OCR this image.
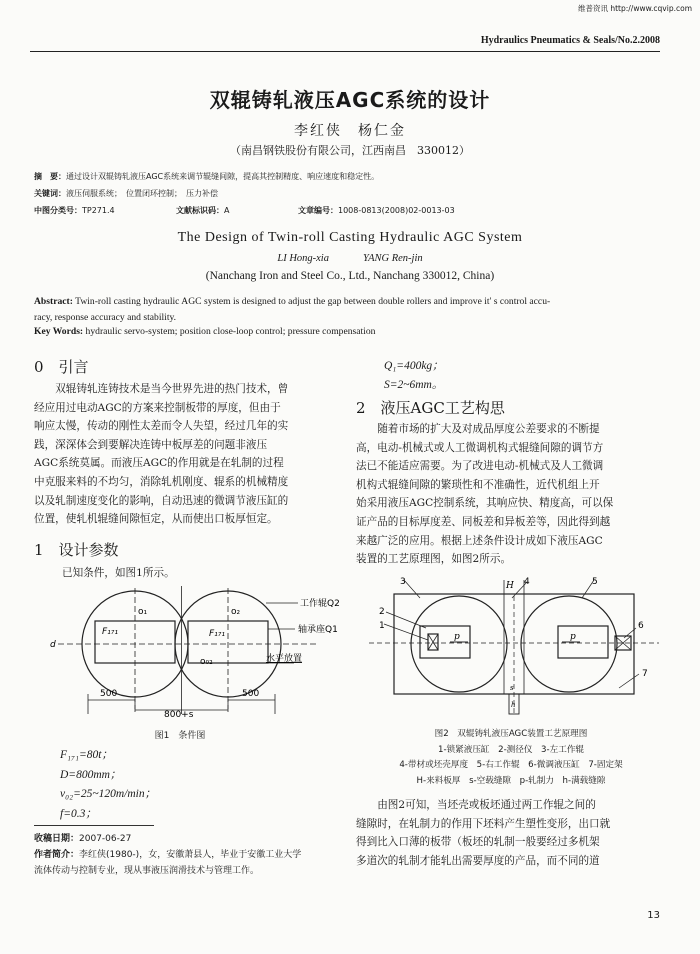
维普资讯 http://www.cqvip.com
Hydraulics Pneumatics & Seals/No.2.2008
双辊铸轧液压AGC系统的设计
李红侠　杨仁金
（南昌钢铁股份有限公司，江西南昌　330012）
摘　要：通过设计双辊铸轧液压AGC系统来调节辊缝间隙，提高其控制精度、响应速度和稳定性。
关键词：液压伺服系统；　位置闭环控制；　压力补偿
中图分类号：TP271.4	文献标识码：A	文章编号：1008-0813(2008)02-0013-03
The Design of Twin-roll Casting Hydraulic AGC System
LI Hong-xia	YANG Ren-jin
(Nanchang Iron and Steel Co., Ltd., Nanchang 330012, China)
Abstract: Twin-roll casting hydraulic AGC system is designed to adjust the gap between double rollers and improve it' s control accu-
racy, response accuracy and stability.
Key Words: hydraulic servo-system; position close-loop control; pressure compensation
0　引言
双辊铸轧连铸技术是当今世界先进的热门技术，曾
经应用过电动AGC的方案来控制板带的厚度，但由于
响应太慢，传动的刚性太差而令人失望，经过几年的实
践，深深体会到要解决连铸中板厚差的问题非液压
AGC系统莫属。而液压AGC的作用就是在轧制的过程
中克服来料的不均匀，消除轧机刚度、辊系的机械精度
以及轧制速度变化的影响，自动迅速的微调节液压缸的
位置，使轧机辊缝间隙恒定，从而使出口板厚恒定。
1　设计参数
已知条件，如图1所示。
F₁₇₁	F₁₇₁
o₁	o₂
o₀₂
d
工作辊Q2
轴承座Q1
水平放置
500	500
800+s
图1　条件图
F₁₇₁=80t；
D=800mm；
v₀₂=25~120m/min；
f=0.3；
收稿日期：2007-06-27
作者简介：李红侠(1980-)，女，安徽萧县人，毕业于安徽工业大学
流体传动与控制专业，现从事液压润滑技术与管理工作。
Q₁=400kg；
S=2~6mm。
2　液压AGC工艺构思
随着市场的扩大及对成品厚度公差要求的不断提
高，电动-机械式或人工微调机构式辊缝间隙的调节方
法已不能适应需要。为了改进电动-机械式及人工微调
机构式辊缝间隙的繁琐性和不准确性，近代机组上开
始采用液压AGC控制系统，其响应快、精度高，可以保
证产品的目标厚度差、同板差和异板差等，因此得到越
来越广泛的应用。根据上述条件设计成如下液压AGC
装置的工艺原理图，如图2所示。
3
2
1
4	5
6
7
H
p	p
s
h
图2　双辊铸轧液压AGC装置工艺原理图
1-锁紧液压缸　2-测径仪　3-左工作辊
4-带材或坯壳厚度　5-右工作辊　6-微调液压缸　7-固定架
H-来料板厚　s-空载缝隙　p-轧制力　h-满载缝隙
由图2可知，当坯壳或板坯通过两工作辊之间的
缝隙时，在轧制力的作用下坯料产生塑性变形，出口就
得到比入口薄的板带（板坯的轧制一般要经过多机架
多道次的轧制才能轧出需要厚度的产品，而不同的道
13
